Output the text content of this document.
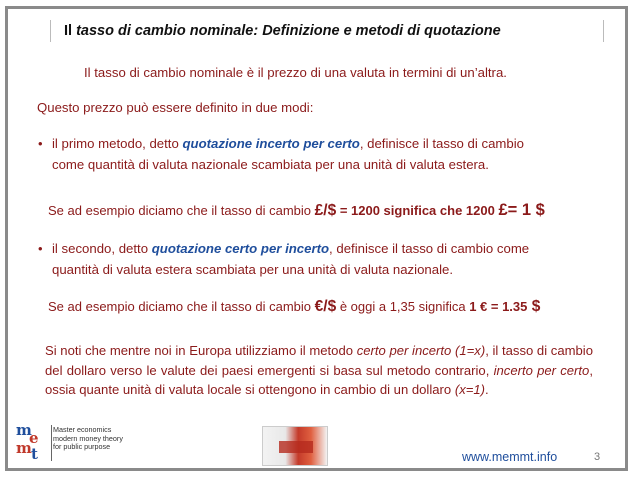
Il tasso di cambio nominale: Definizione e metodi di quotazione
Il tasso di cambio nominale è il prezzo di una valuta in termini di un’altra.
Questo prezzo può essere definito in due modi:
• il primo metodo, detto quotazione incerto per certo, definisce il tasso di cambio
come quantità di valuta nazionale scambiata per una unità di valuta estera.
Se ad esempio diciamo che il tasso di cambio £/$ = 1200 significa che 1200 £= 1 $
• il secondo, detto quotazione certo per incerto, definisce il tasso di cambio come
quantità di valuta estera scambiata per una unità di valuta nazionale.
Se ad esempio diciamo che il tasso di cambio €/$ è oggi a 1,35 significa 1 € = 1.35 $
Si noti che mentre noi in Europa utilizziamo il metodo certo per incerto (1=x), il tasso di cambio del dollaro verso le valute dei paesi emergenti si basa sul metodo contrario, incerto per certo, ossia quante unità di valuta locale si ottengono in cambio di un dollaro (x=1).
m
e
m t
Master economics
modern money theory
for public purpose
www.memmt.info	3
